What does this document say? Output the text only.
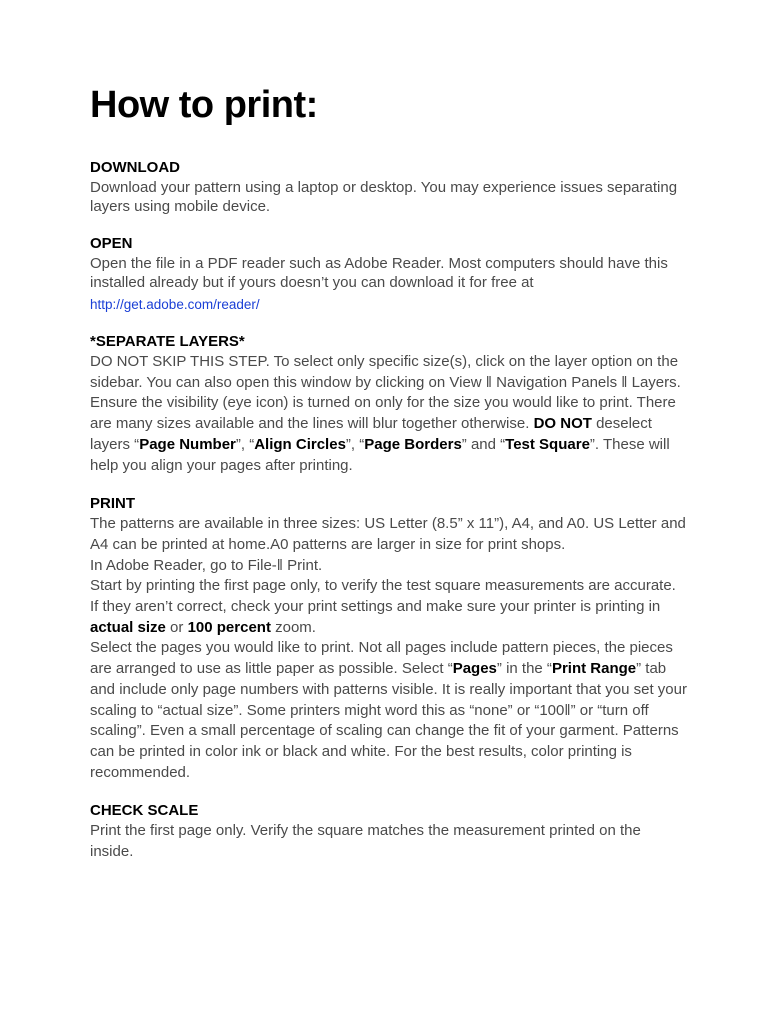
How to print:

DOWNLOAD

Download your pattern using a laptop or desktop. You may experience issues separating layers using mobile device.

OPEN

Open the file in a PDF reader such as Adobe Reader. Most computers should have this installed already but if yours doesn’t you can download it for free at

http://get.adobe.com/reader/

*SEPARATE LAYERS*

DO NOT SKIP THIS STEP. To select only specific size(s), click on the layer option on the sidebar. You can also open this window by clicking on View ‖ Navigation Panels ‖ Layers. Ensure the visibility (eye icon) is turned on only for the size you would like to print. There are many sizes available and the lines will blur together otherwise. DO NOT deselect layers “Page Number”, “Align Circles”, “Page Borders” and “Test Square”. These will help you align your pages after printing.

PRINT

The patterns are available in three sizes: US Letter (8.5” x 11”), A4, and A0. US Letter and A4 can be printed at home.A0 patterns are larger in size for print shops.

In Adobe Reader, go to File-‖ Print.

Start by printing the first page only, to verify the test square measurements are accurate. If they aren’t correct, check your print settings and make sure your printer is printing in actual size or 100 percent zoom.

Select the pages you would like to print. Not all pages include pattern pieces, the pieces are arranged to use as little paper as possible. Select “Pages” in the “Print Range” tab and include only page numbers with patterns visible. It is really important that you set your scaling to “actual size”. Some printers might word this as “none” or “100‖” or “turn off scaling”. Even a small percentage of scaling can change the fit of your garment. Patterns can be printed in color ink or black and white. For the best results, color printing is recommended.

CHECK SCALE

Print the first page only. Verify the square matches the measurement printed on the inside.
